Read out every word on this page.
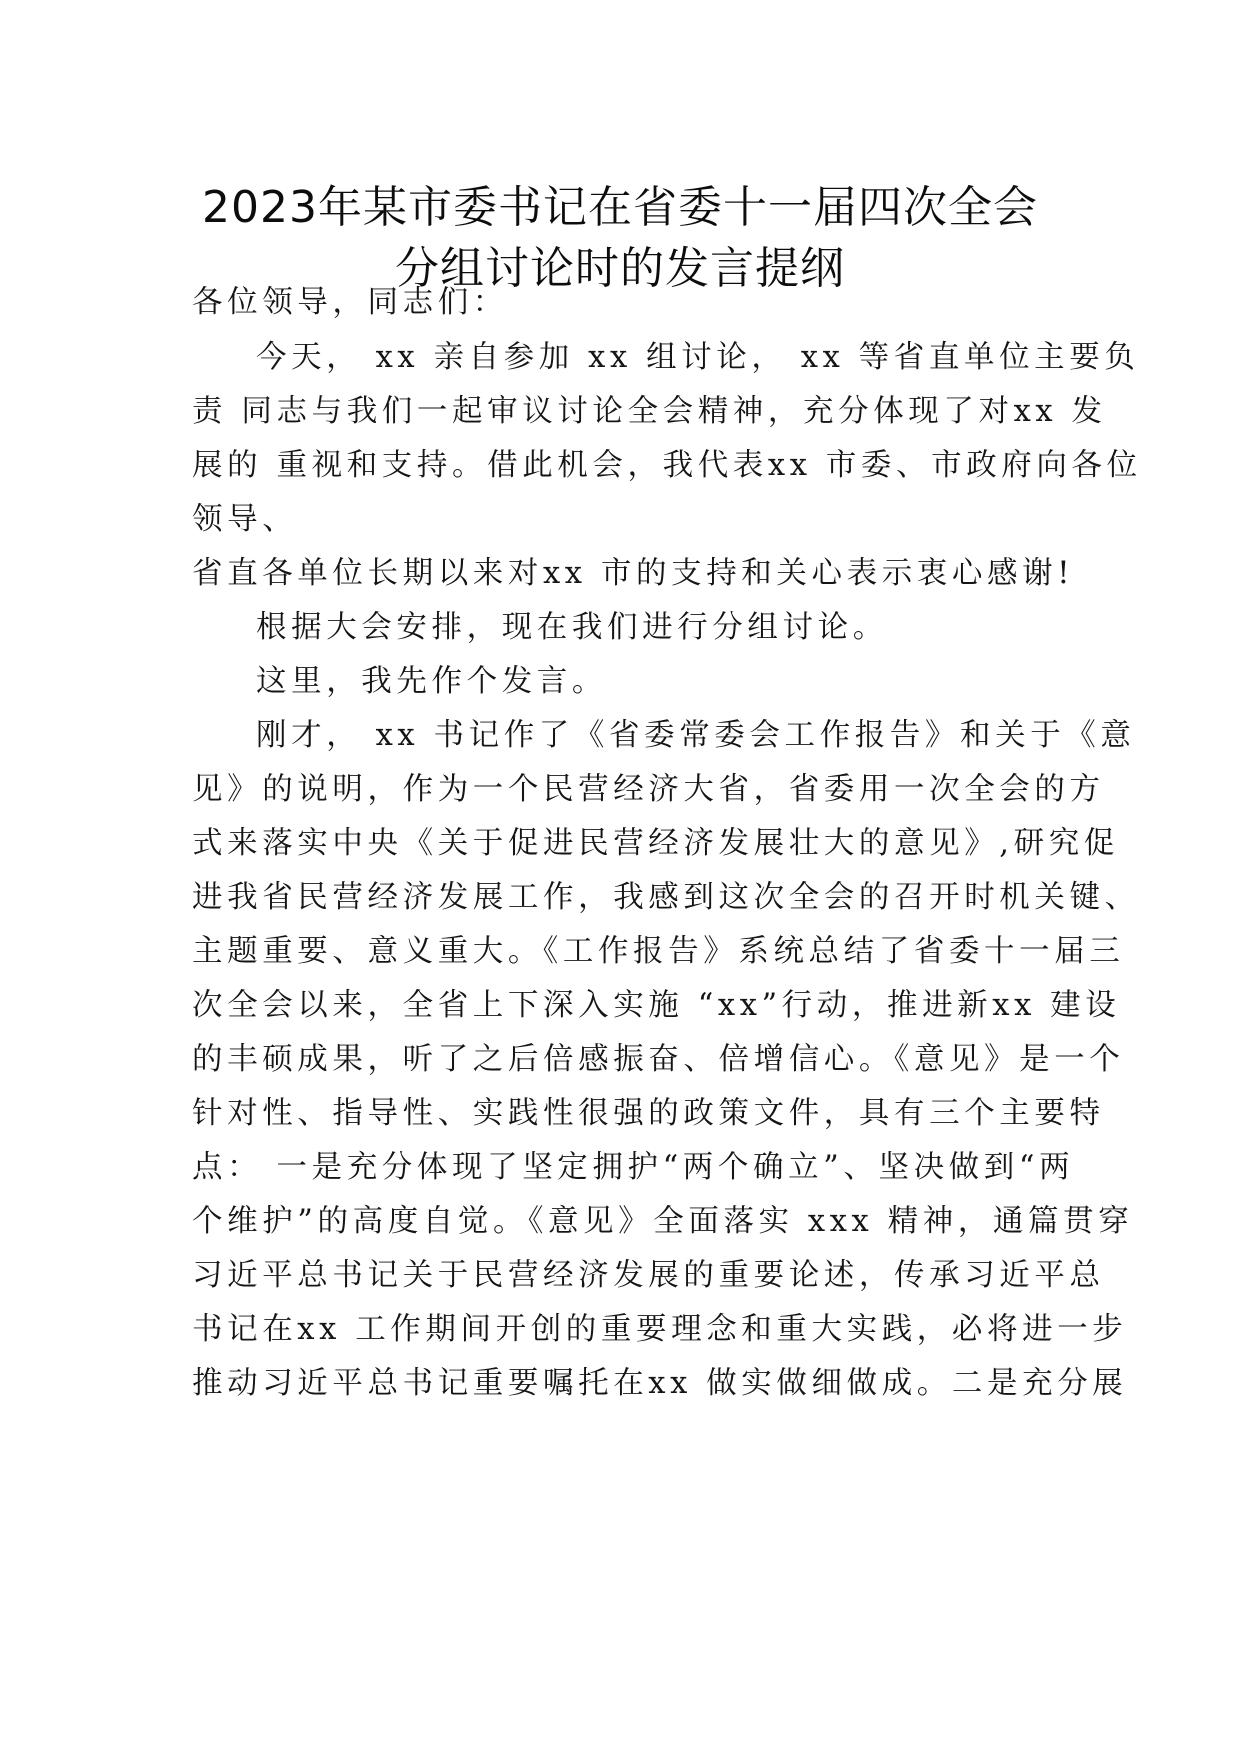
2023年某市委书记在省委十一届四次全会
分组讨论时的发言提纲
各位领导，同志们：
今天， xx 亲自参加 xx 组讨论， xx 等省直单位主要负
责 同志与我们一起审议讨论全会精神，充分体现了对xx 发
展的 重视和支持。借此机会，我代表xx 市委、市政府向各位
领导、
省直各单位长期以来对xx 市的支持和关心表示衷心感谢!
根据大会安排，现在我们进行分组讨论。
这里，我先作个发言。
刚才， xx 书记作了《省委常委会工作报告》和关于《意
见》的说明，作为一个民营经济大省，省委用一次全会的方
式来落实中央《关于促进民营经济发展壮大的意见》,研究促
进我省民营经济发展工作，我感到这次全会的召开时机关键、
主题重要、意义重大。《工作报告》系统总结了省委十一届三
次全会以来，全省上下深入实施 “xx”行动，推进新xx 建设
的丰硕成果，听了之后倍感振奋、倍增信心。《意见》是一个
针对性、指导性、实践性很强的政策文件，具有三个主要特
点： 一是充分体现了坚定拥护“两个确立”、坚决做到“两
个维护”的高度自觉。《意见》全面落实 xxx 精神，通篇贯穿
习近平总书记关于民营经济发展的重要论述，传承习近平总
书记在xx 工作期间开创的重要理念和重大实践，必将进一步
推动习近平总书记重要嘱托在xx 做实做细做成。二是充分展
